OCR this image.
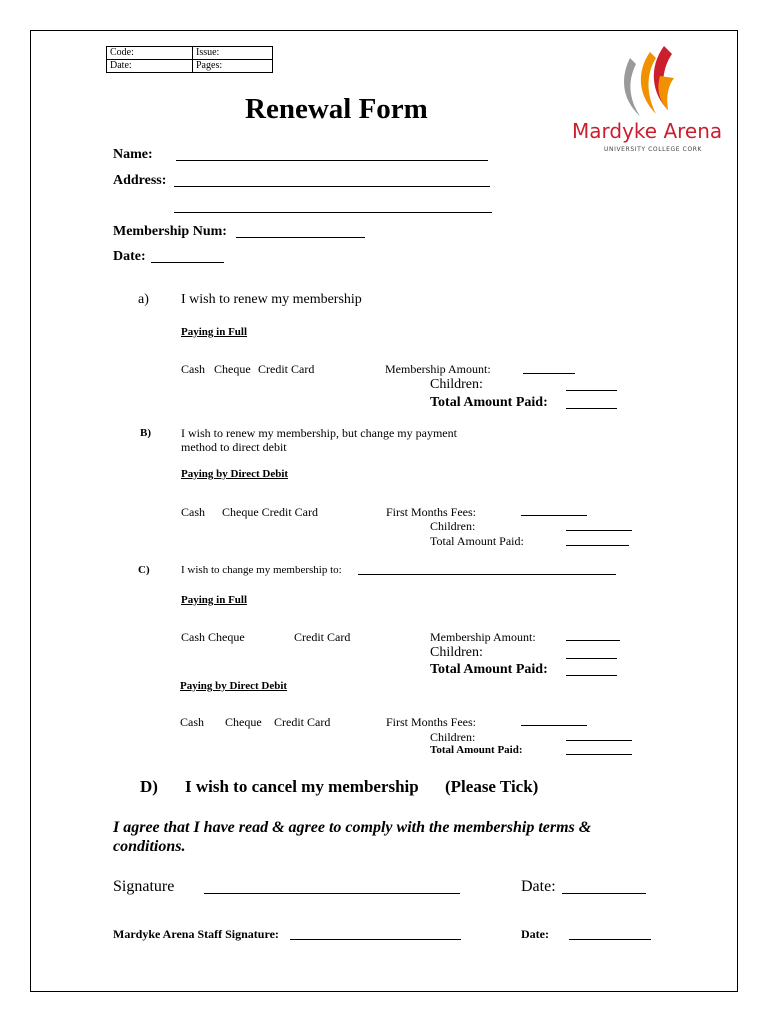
Code:	Issue:
Date:	Pages:
Mardyke Arena
UNIVERSITY COLLEGE CORK
Renewal Form
Name:
Address:
Membership Num:
Date:
a) I wish to renew my membership
Paying in Full
Cash Cheque Credit Card	Membership Amount:
Children:
Total Amount Paid:
B)	I wish to renew my membership, but change my payment
method to direct debit
Paying by Direct Debit
Cash Cheque Credit Card	First Months Fees:
Children:
Total Amount Paid:
C)	I wish to change my membership to:
Paying in Full
Cash Cheque	Credit Card	Membership Amount:
Children:
Total Amount Paid:
Paying by Direct Debit
Cash Cheque Credit Card	First Months Fees:
Children:
Total Amount Paid:
D) I wish to cancel my membership (Please Tick)
I agree that I have read & agree to comply with the membership terms &
conditions.
Signature	Date:
Mardyke Arena Staff Signature:	Date:
